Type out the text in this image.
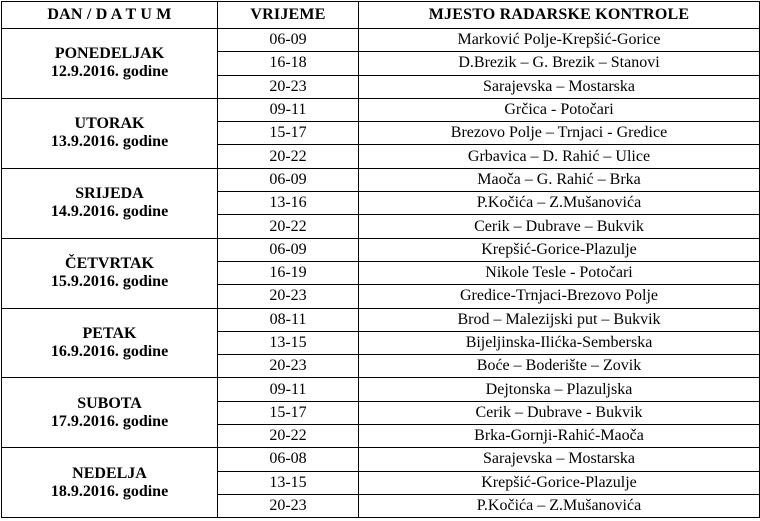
DAN / D A T U M	VRIJEME	MJESTO RADARSKE KONTROLE

PONEDELJAK
12.9.2016. godine	06-09	Marković Polje-Krepšić-Gorice
	16-18	D.Brezik – G. Brezik – Stanovi
	20-23	Sarajevska – Mostarska

UTORAK
13.9.2016. godine	09-11	Grčica - Potočari
	15-17	Brezovo Polje – Trnjaci - Gredice
	20-22	Grbavica – D. Rahić – Ulice

SRIJEDA
14.9.2016. godine	06-09	Maoča – G. Rahić – Brka
	13-16	P.Kočića – Z.Mušanovića
	20-22	Cerik – Dubrave – Bukvik

ČETVRTAK
15.9.2016. godine	06-09	Krepšić-Gorice-Plazulje
	16-19	Nikole Tesle - Potočari
	20-23	Gredice-Trnjaci-Brezovo Polje

PETAK
16.9.2016. godine	08-11	Brod – Malezijski put – Bukvik
	13-15	Bijeljinska-Ilićka-Semberska
	20-23	Boće – Boderište – Zovik

SUBOTA
17.9.2016. godine	09-11	Dejtonska – Plazuljska
	15-17	Cerik – Dubrave - Bukvik
	20-22	Brka-Gornji-Rahić-Maoča

NEDELJA
18.9.2016. godine	06-08	Sarajevska – Mostarska
	13-15	Krepšić-Gorice-Plazulje
	20-23	P.Kočića – Z.Mušanovića
